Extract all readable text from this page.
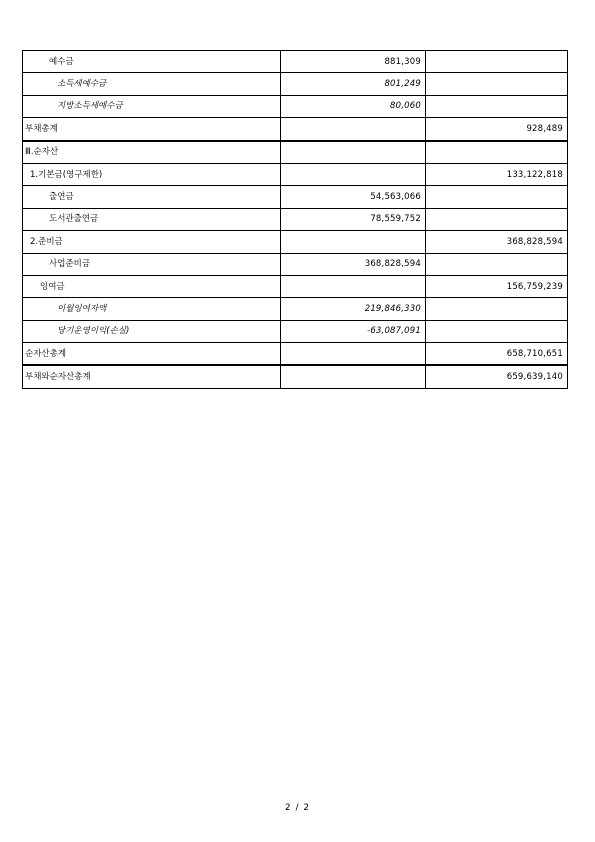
예수금	881,309	
소득세예수금	801,249	
지방소득세예수금	80,060	
부채총계		928,489
Ⅲ.순자산		
1.기본금(영구제한)		133,122,818
출연금	54,563,066	
도서관출연금	78,559,752	
2.준비금		368,828,594
사업준비금	368,828,594	
잉여금		156,759,239
이월잉여자액	219,846,330	
당기운영이익(손실)	-63,087,091	
순자산총계		658,710,651
부채와순자산총계		659,639,140
2 / 2
